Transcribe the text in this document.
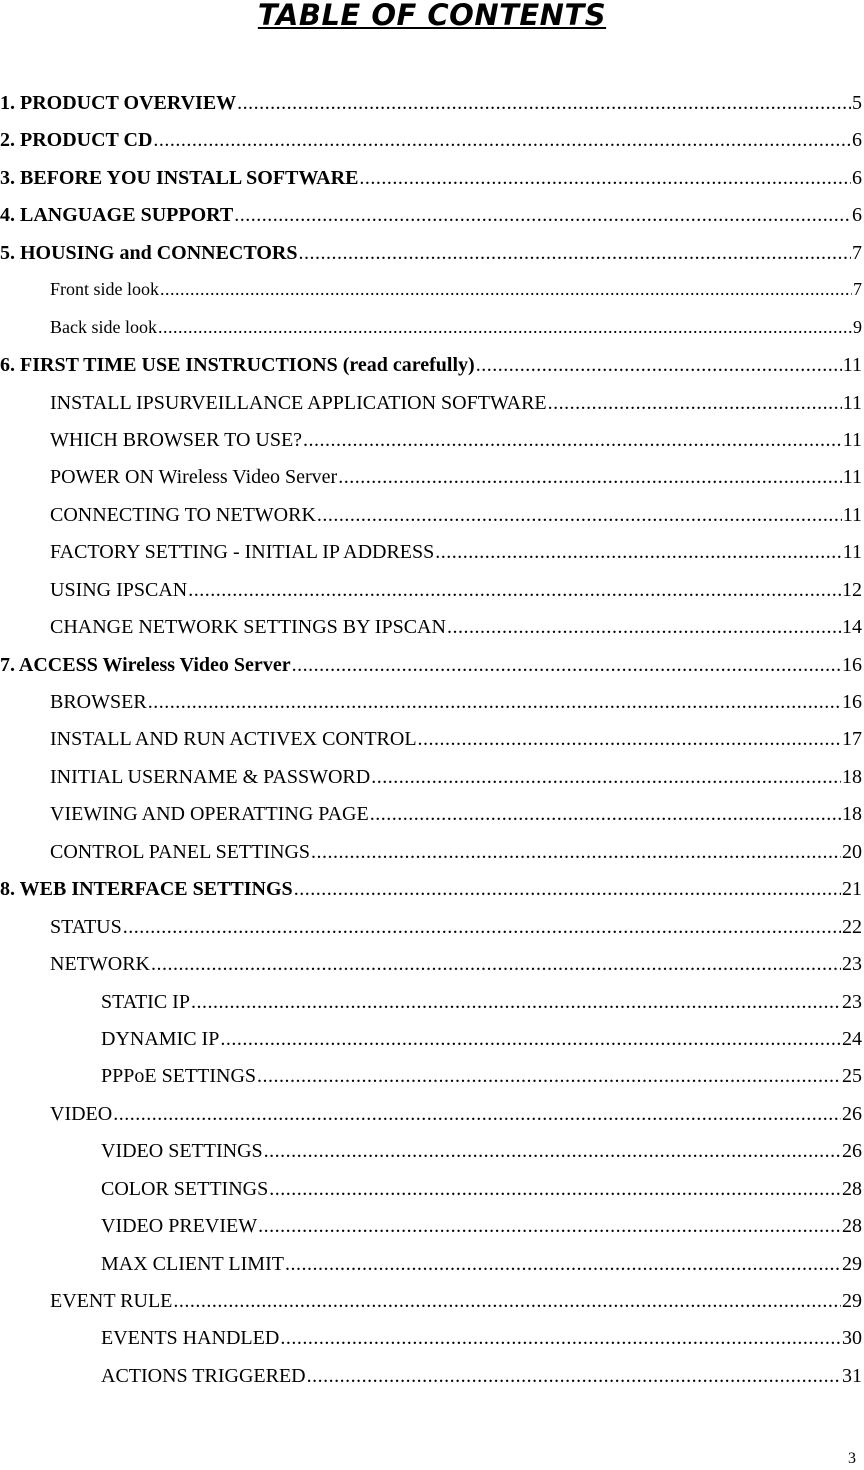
TABLE OF CONTENTS
1. PRODUCT OVERVIEW .....	5
2. PRODUCT CD .....	6
3. BEFORE YOU INSTALL SOFTWARE .....	6
4. LANGUAGE SUPPORT .....	6
5. HOUSING and CONNECTORS .....	7
Front side look .....	7
Back side look .....	9
6. FIRST TIME USE INSTRUCTIONS (read carefully) .....	11
INSTALL IPSURVEILLANCE APPLICATION SOFTWARE .....	11
WHICH BROWSER TO USE? .....	11
POWER ON Wireless Video Server .....	11
CONNECTING TO NETWORK .....	11
FACTORY SETTING - INITIAL IP ADDRESS .....	11
USING IPSCAN .....	12
CHANGE NETWORK SETTINGS BY IPSCAN .....	14
7. ACCESS Wireless Video Server .....	16
BROWSER .....	16
INSTALL AND RUN ACTIVEX CONTROL .....	17
INITIAL USERNAME & PASSWORD .....	18
VIEWING AND OPERATTING PAGE .....	18
CONTROL PANEL SETTINGS .....	20
8. WEB INTERFACE SETTINGS .....	21
STATUS .....	22
NETWORK .....	23
STATIC IP .....	23
DYNAMIC IP .....	24
PPPoE SETTINGS .....	25
VIDEO .....	26
VIDEO SETTINGS .....	26
COLOR SETTINGS .....	28
VIDEO PREVIEW .....	28
MAX CLIENT LIMIT .....	29
EVENT RULE .....	29
EVENTS HANDLED .....	30
ACTIONS TRIGGERED .....	31
3
